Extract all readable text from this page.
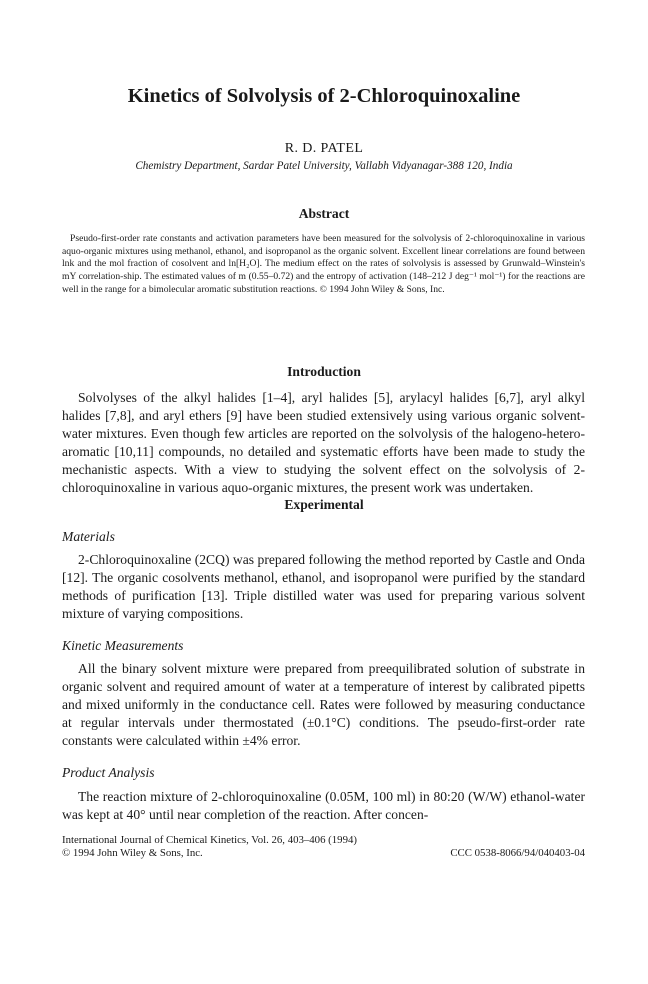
Kinetics of Solvolysis of 2-Chloroquinoxaline
R. D. PATEL
Chemistry Department, Sardar Patel University, Vallabh Vidyanagar-388 120, India
Abstract

Pseudo-first-order rate constants and activation parameters have been measured for the solvolysis of 2-chloroquinoxaline in various aquo-organic mixtures using methanol, ethanol, and isopropanol as the organic solvent. Excellent linear correlations are found between lnk and the mol fraction of cosolvent and ln[H₂O]. The medium effect on the rates of solvolysis is assessed by Grunwald–Winstein's mY correlation-ship. The estimated values of m (0.55–0.72) and the entropy of activation (148–212 J deg⁻¹ mol⁻¹) for the reactions are well in the range for a bimolecular aromatic substitution reactions. © 1994 John Wiley & Sons, Inc.

Introduction

Solvolyses of the alkyl halides [1–4], aryl halides [5], arylacyl halides [6,7], aryl alkyl halides [7,8], and aryl ethers [9] have been studied extensively using various organic solvent-water mixtures. Even though few articles are reported on the solvolysis of the halogeno-hetero-aromatic [10,11] compounds, no detailed and systematic efforts have been made to study the mechanistic aspects. With a view to studying the solvent effect on the solvolysis of 2-chloroquinoxaline in various aquo-organic mixtures, the present work was undertaken.

Experimental
Materials

2-Chloroquinoxaline (2CQ) was prepared following the method reported by Castle and Onda [12]. The organic cosolvents methanol, ethanol, and isopropanol were purified by the standard methods of purification [13]. Triple distilled water was used for preparing various solvent mixture of varying compositions.

Kinetic Measurements

All the binary solvent mixture were prepared from preequilibrated solution of substrate in organic solvent and required amount of water at a temperature of interest by calibrated pipetts and mixed uniformly in the conductance cell. Rates were followed by measuring conductance at regular intervals under thermostated (±0.1°C) conditions. The pseudo-first-order rate constants were calculated within ±4% error.

Product Analysis

The reaction mixture of 2-chloroquinoxaline (0.05M, 100 ml) in 80:20 (W/W) ethanol-water was kept at 40° until near completion of the reaction. After concen-

International Journal of Chemical Kinetics, Vol. 26, 403–406 (1994)
© 1994 John Wiley & Sons, Inc.	CCC 0538-8066/94/040403-04
